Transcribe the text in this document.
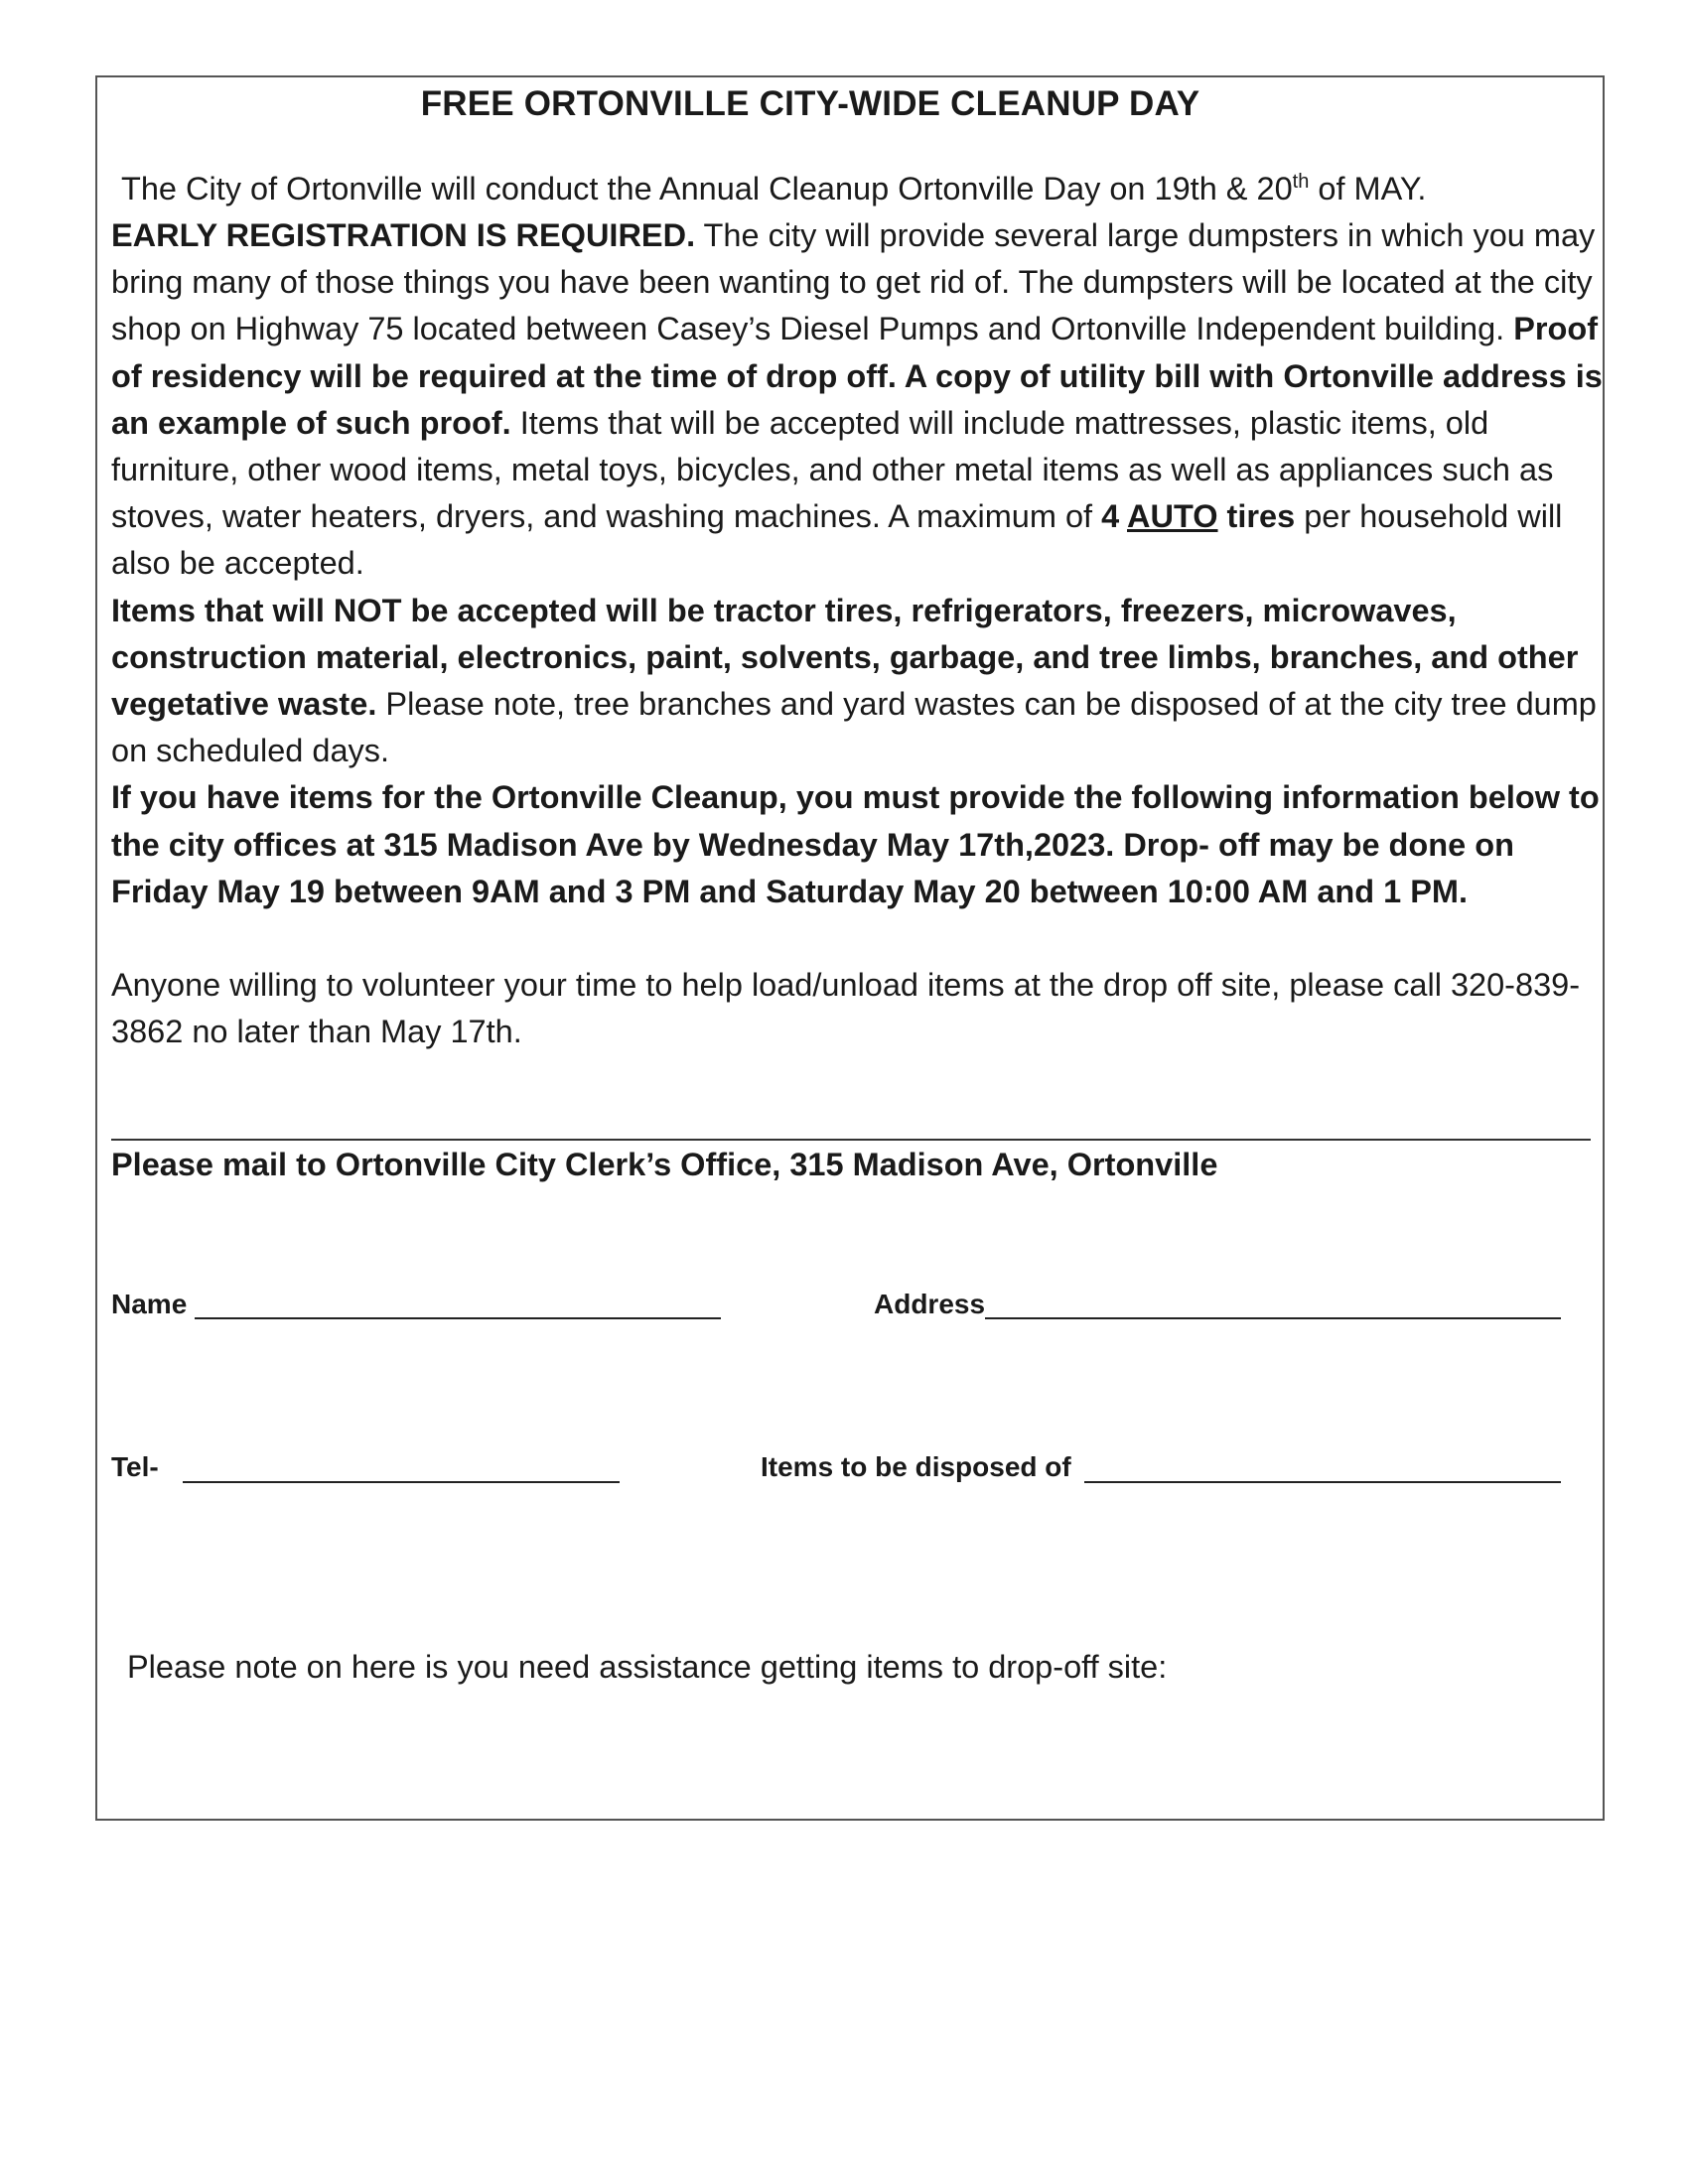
FREE ORTONVILLE CITY-WIDE CLEANUP DAY

The City of Ortonville will conduct the Annual Cleanup Ortonville Day on 19th & 20th of MAY.

EARLY REGISTRATION IS REQUIRED. The city will provide several large dumpsters in which you may bring many of those things you have been wanting to get rid of. The dumpsters will be located at the city shop on Highway 75 located between Casey’s Diesel Pumps and Ortonville Independent building. Proof of residency will be required at the time of drop off. A copy of utility bill with Ortonville address is an example of such proof. Items that will be accepted will include mattresses, plastic items, old furniture, other wood items, metal toys, bicycles, and other metal items as well as appliances such as stoves, water heaters, dryers, and washing machines. A maximum of 4 AUTO tires per household will also be accepted.

Items that will NOT be accepted will be tractor tires, refrigerators, freezers, microwaves, construction material, electronics, paint, solvents, garbage, and tree limbs, branches, and other vegetative waste. Please note, tree branches and yard wastes can be disposed of at the city tree dump on scheduled days.

If you have items for the Ortonville Cleanup, you must provide the following information below to the city offices at 315 Madison Ave by Wednesday May 17th,2023. Drop- off may be done on Friday May 19 between 9AM and 3 PM and Saturday May 20 between 10:00 AM and 1 PM.

Anyone willing to volunteer your time to help load/unload items at the drop off site, please call 320-839-3862 no later than May 17th.

Please mail to Ortonville City Clerk’s Office, 315 Madison Ave, Ortonville
Name	Address
Tel-	Items to be disposed of
Please note on here is you need assistance getting items to drop-off site:
